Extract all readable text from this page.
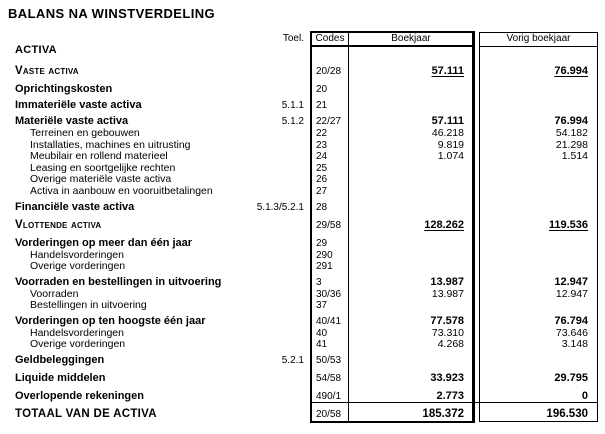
BALANS NA WINSTVERDELING
Toel.	Codes	Boekjaar	Vorig boekjaar
ACTIVA
Vaste activa	20/28	57.111	76.994
Oprichtingskosten	20
Immateriële vaste activa	5.1.1 21
Materiële vaste activa	5.1.2 22/27	57.111	76.994
Terreinen en gebouwen	22	46.218	54.182
Installaties, machines en uitrusting	23	9.819	21.298
Meubilair en rollend materieel	24	1.074	1.514
Leasing en soortgelijke rechten	25
Overige materiële vaste activa	26
Activa in aanbouw en vooruitbetalingen	27
Financiële vaste activa	5.1.3/5.2.1 28
Vlottende activa	29/58	128.262	119.536
Vorderingen op meer dan één jaar	29
Handelsvorderingen	290
Overige vorderingen	291
Voorraden en bestellingen in uitvoering	3	13.987	12.947
Voorraden	30/36	13.987	12.947
Bestellingen in uitvoering	37
Vorderingen op ten hoogste één jaar	40/41	77.578	76.794
Handelsvorderingen	40	73.310	73.646
Overige vorderingen	41	4.268	3.148
Geldbeleggingen	5.2.1 50/53
Liquide middelen	54/58	33.923	29.795
Overlopende rekeningen	490/1	2.773	0
TOTAAL VAN DE ACTIVA	20/58	185.372	196.530
